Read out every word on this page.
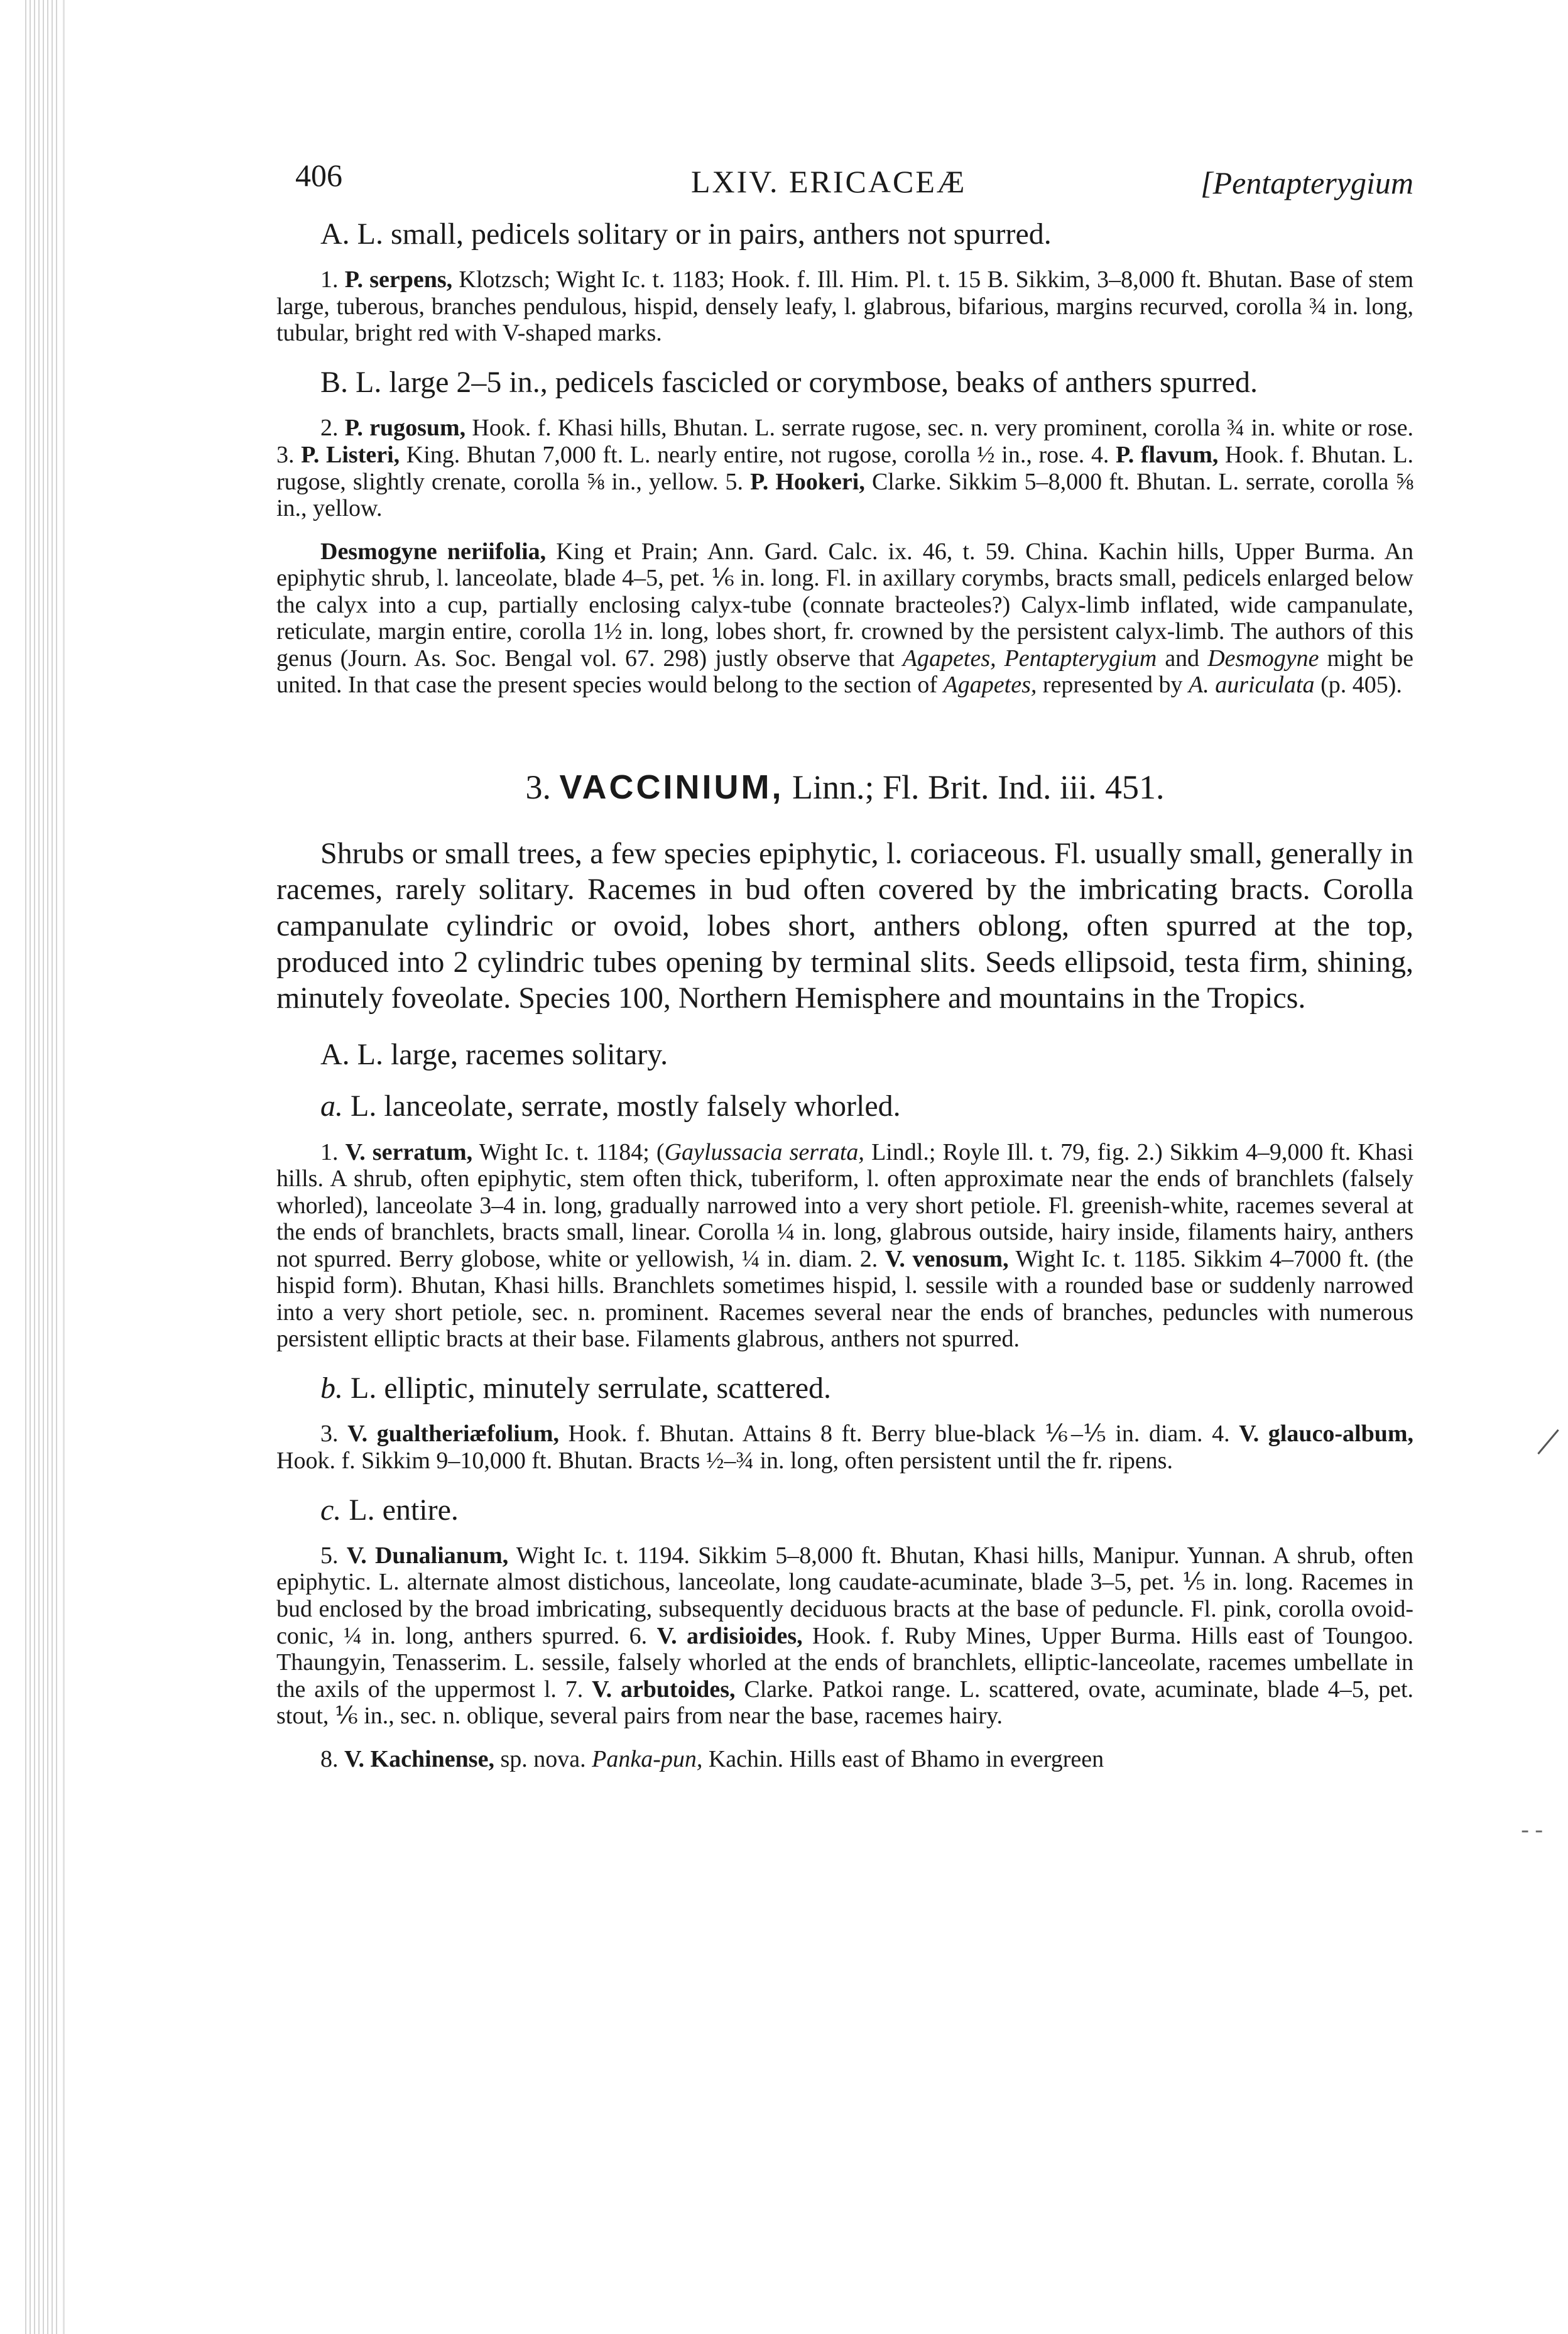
- -
406	LXIV. ERICACEÆ	[Pentapterygium
A. L. small, pedicels solitary or in pairs, anthers not spurred.

1. P. serpens, Klotzsch; Wight Ic. t. 1183; Hook. f. Ill. Him. Pl. t. 15 B. Sikkim, 3–8,000 ft. Bhutan. Base of stem large, tuberous, branches pendulous, hispid, densely leafy, l. glabrous, bifarious, margins recurved, corolla ¾ in. long, tubular, bright red with V-shaped marks.

B. L. large 2–5 in., pedicels fascicled or corymbose, beaks of anthers spurred.

2. P. rugosum, Hook. f. Khasi hills, Bhutan. L. serrate rugose, sec. n. very prominent, corolla ¾ in. white or rose. 3. P. Listeri, King. Bhutan 7,000 ft. L. nearly entire, not rugose, corolla ½ in., rose. 4. P. flavum, Hook. f. Bhutan. L. rugose, slightly crenate, corolla ⅝ in., yellow. 5. P. Hookeri, Clarke. Sikkim 5–8,000 ft. Bhutan. L. serrate, corolla ⅝ in., yellow.

Desmogyne neriifolia, King et Prain; Ann. Gard. Calc. ix. 46, t. 59. China. Kachin hills, Upper Burma. An epiphytic shrub, l. lanceolate, blade 4–5, pet. ⅙ in. long. Fl. in axillary corymbs, bracts small, pedicels enlarged below the calyx into a cup, partially enclosing calyx-tube (connate bracteoles?) Calyx-limb inflated, wide campanulate, reticulate, margin entire, corolla 1½ in. long, lobes short, fr. crowned by the persistent calyx-limb. The authors of this genus (Journ. As. Soc. Bengal vol. 67. 298) justly observe that Agapetes, Pentapterygium and Desmogyne might be united. In that case the present species would belong to the section of Agapetes, represented by A. auriculata (p. 405).

3. VACCINIUM, Linn.; Fl. Brit. Ind. iii. 451.

Shrubs or small trees, a few species epiphytic, l. coriaceous. Fl. usually small, generally in racemes, rarely solitary. Racemes in bud often covered by the imbricating bracts. Corolla campanulate cylindric or ovoid, lobes short, anthers oblong, often spurred at the top, produced into 2 cylindric tubes opening by terminal slits. Seeds ellipsoid, testa firm, shining, minutely foveolate. Species 100, Northern Hemisphere and mountains in the Tropics.

A. L. large, racemes solitary.
a. L. lanceolate, serrate, mostly falsely whorled.

1. V. serratum, Wight Ic. t. 1184; (Gaylussacia serrata, Lindl.; Royle Ill. t. 79, fig. 2.) Sikkim 4–9,000 ft. Khasi hills. A shrub, often epiphytic, stem often thick, tuberiform, l. often approximate near the ends of branchlets (falsely whorled), lanceolate 3–4 in. long, gradually narrowed into a very short petiole. Fl. greenish-white, racemes several at the ends of branchlets, bracts small, linear. Corolla ¼ in. long, glabrous outside, hairy inside, filaments hairy, anthers not spurred. Berry globose, white or yellowish, ¼ in. diam. 2. V. venosum, Wight Ic. t. 1185. Sikkim 4–7000 ft. (the hispid form). Bhutan, Khasi hills. Branchlets sometimes hispid, l. sessile with a rounded base or suddenly narrowed into a very short petiole, sec. n. prominent. Racemes several near the ends of branches, peduncles with numerous persistent elliptic bracts at their base. Filaments glabrous, anthers not spurred.

b. L. elliptic, minutely serrulate, scattered.

3. V. gualtheriæfolium, Hook. f. Bhutan. Attains 8 ft. Berry blue-black ⅙–⅕ in. diam. 4. V. glauco-album, Hook. f. Sikkim 9–10,000 ft. Bhutan. Bracts ½–¾ in. long, often persistent until the fr. ripens.

c. L. entire.

5. V. Dunalianum, Wight Ic. t. 1194. Sikkim 5–8,000 ft. Bhutan, Khasi hills, Manipur. Yunnan. A shrub, often epiphytic. L. alternate almost distichous, lanceolate, long caudate-acuminate, blade 3–5, pet. ⅕ in. long. Racemes in bud enclosed by the broad imbricating, subsequently deciduous bracts at the base of peduncle. Fl. pink, corolla ovoid-conic, ¼ in. long, anthers spurred. 6. V. ardisioides, Hook. f. Ruby Mines, Upper Burma. Hills east of Toungoo. Thaungyin, Tenasserim. L. sessile, falsely whorled at the ends of branchlets, elliptic-lanceolate, racemes umbellate in the axils of the uppermost l. 7. V. arbutoides, Clarke. Patkoi range. L. scattered, ovate, acuminate, blade 4–5, pet. stout, ⅙ in., sec. n. oblique, several pairs from near the base, racemes hairy.

8. V. Kachinense, sp. nova. Panka-pun, Kachin. Hills east of Bhamo in evergreen
